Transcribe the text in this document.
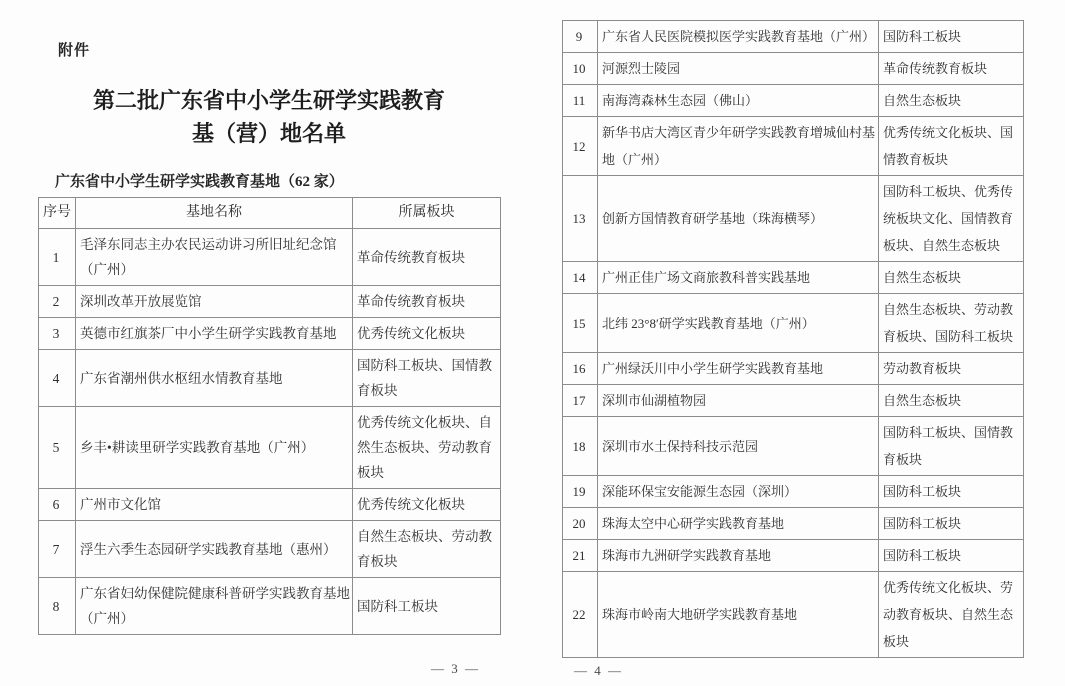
附件
第二批广东省中小学生研学实践教育
基（营）地名单
广东省中小学生研学实践教育基地（62 家）
序号	基地名称	所属板块
1	毛泽东同志主办农民运动讲习所旧址纪念馆（广州）	革命传统教育板块
2	深圳改革开放展览馆	革命传统教育板块
3	英德市红旗茶厂中小学生研学实践教育基地	优秀传统文化板块
4	广东省潮州供水枢纽水情教育基地	国防科工板块、国情教育板块
5	乡丰•耕读里研学实践教育基地（广州）	优秀传统文化板块、自然生态板块、劳动教育板块
6	广州市文化馆	优秀传统文化板块
7	浮生六季生态园研学实践教育基地（惠州）	自然生态板块、劳动教育板块
8	广东省妇幼保健院健康科普研学实践教育基地（广州）	国防科工板块
— 3 —
9	广东省人民医院模拟医学实践教育基地（广州）	国防科工板块
10	河源烈士陵园	革命传统教育板块
11	南海湾森林生态园（佛山）	自然生态板块
12	新华书店大湾区青少年研学实践教育增城仙村基地（广州）	优秀传统文化板块、国情教育板块
13	创新方国情教育研学基地（珠海横琴）	国防科工板块、优秀传统板块文化、国情教育板块、自然生态板块
14	广州正佳广场文商旅教科普实践基地	自然生态板块
15	北纬 23°8′研学实践教育基地（广州）	自然生态板块、劳动教育板块、国防科工板块
16	广州绿沃川中小学生研学实践教育基地	劳动教育板块
17	深圳市仙湖植物园	自然生态板块
18	深圳市水土保持科技示范园	国防科工板块、国情教育板块
19	深能环保宝安能源生态园（深圳）	国防科工板块
20	珠海太空中心研学实践教育基地	国防科工板块
21	珠海市九洲研学实践教育基地	国防科工板块
22	珠海市岭南大地研学实践教育基地	优秀传统文化板块、劳动教育板块、自然生态板块
— 4 —
